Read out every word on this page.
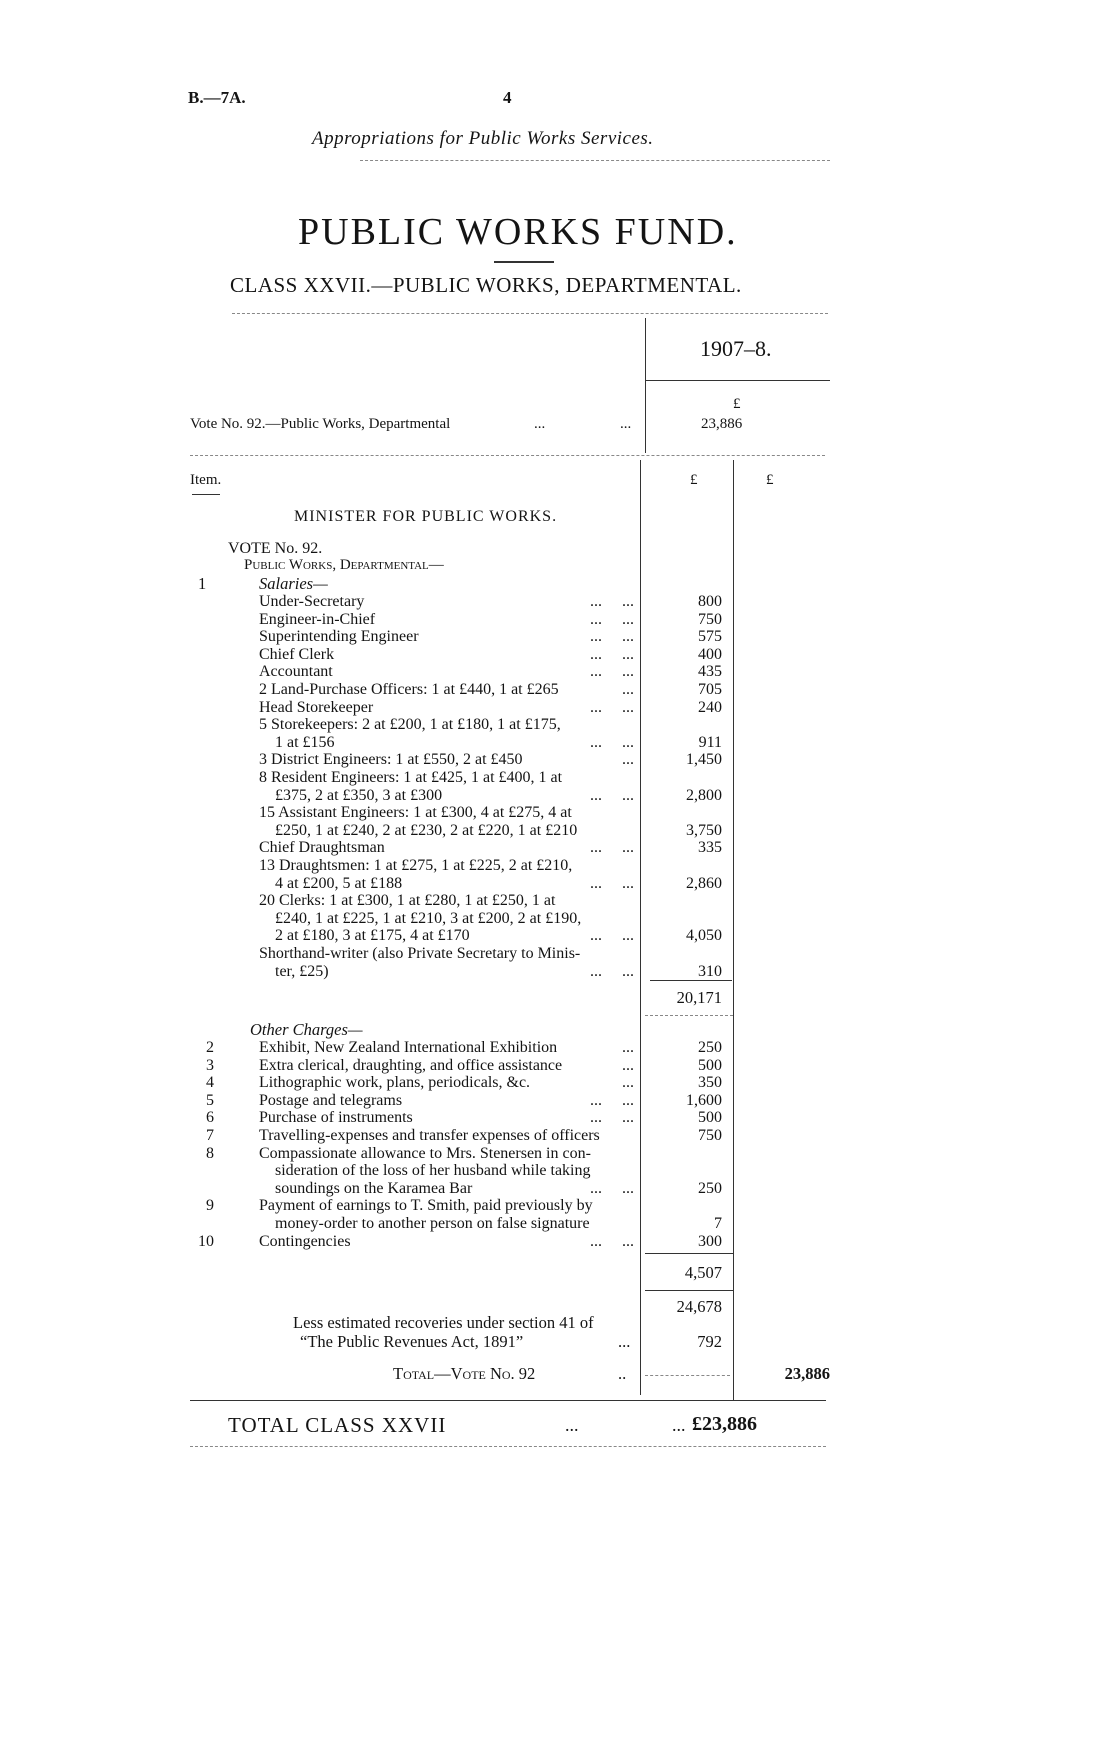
B.—7A.	4
Appropriations for Public Works Services.
PUBLIC WORKS FUND.
CLASS XXVII.—PUBLIC WORKS, DEPARTMENTAL.
1907–8.
Vote No. 92.—Public Works, Departmental	...	...
£
23,886
Item.	£	£
MINISTER FOR PUBLIC WORKS.
VOTE No. 92.
Public Works, Departmental—
1	Salaries—
Under-Secretary	...     ...	800
Engineer-in-Chief	...     ...	750
Superintending Engineer	...     ...	575
Chief Clerk	...     ...	400
Accountant	...     ...	435
2 Land-Purchase Officers: 1 at £440, 1 at £265	...	705
Head Storekeeper	...     ...	240
5 Storekeepers: 2 at £200, 1 at £180, 1 at £175,
1 at £156	...     ...	911
3 District Engineers: 1 at £550, 2 at £450	...	1,450
8 Resident Engineers: 1 at £425, 1 at £400, 1 at
£375, 2 at £350, 3 at £300	...     ...	2,800
15 Assistant Engineers: 1 at £300, 4 at £275, 4 at
£250, 1 at £240, 2 at £230, 2 at £220, 1 at £210	3,750
Chief Draughtsman	...     ...	335
13 Draughtsmen: 1 at £275, 1 at £225, 2 at £210,
4 at £200, 5 at £188	...     ...	2,860
20 Clerks: 1 at £300, 1 at £280, 1 at £250, 1 at
£240, 1 at £225, 1 at £210, 3 at £200, 2 at £190,
2 at £180, 3 at £175, 4 at £170	...     ...	4,050
Shorthand-writer (also Private Secretary to Minis-
ter, £25)	...     ...	310
20,171
Other Charges—
2	Exhibit, New Zealand International Exhibition	...	250
3	Extra clerical, draughting, and office assistance	...	500
4	Lithographic work, plans, periodicals, &c.	...	350
5	Postage and telegrams	...     ...	1,600
6	Purchase of instruments	...     ...	500
7	Travelling-expenses and transfer expenses of officers	750
8	Compassionate allowance to Mrs. Stenersen in con-
sideration of the loss of her husband while taking
soundings on the Karamea Bar	...     ...	250
9	Payment of earnings to T. Smith, paid previously by
money-order to another person on false signature	7
10	Contingencies	...     ...	300
4,507
24,678
Less estimated recoveries under section 41 of
“The Public Revenues Act, 1891”	...	792
Total—Vote No. 92	..	23,886
TOTAL CLASS XXVII	...	... £23,886
